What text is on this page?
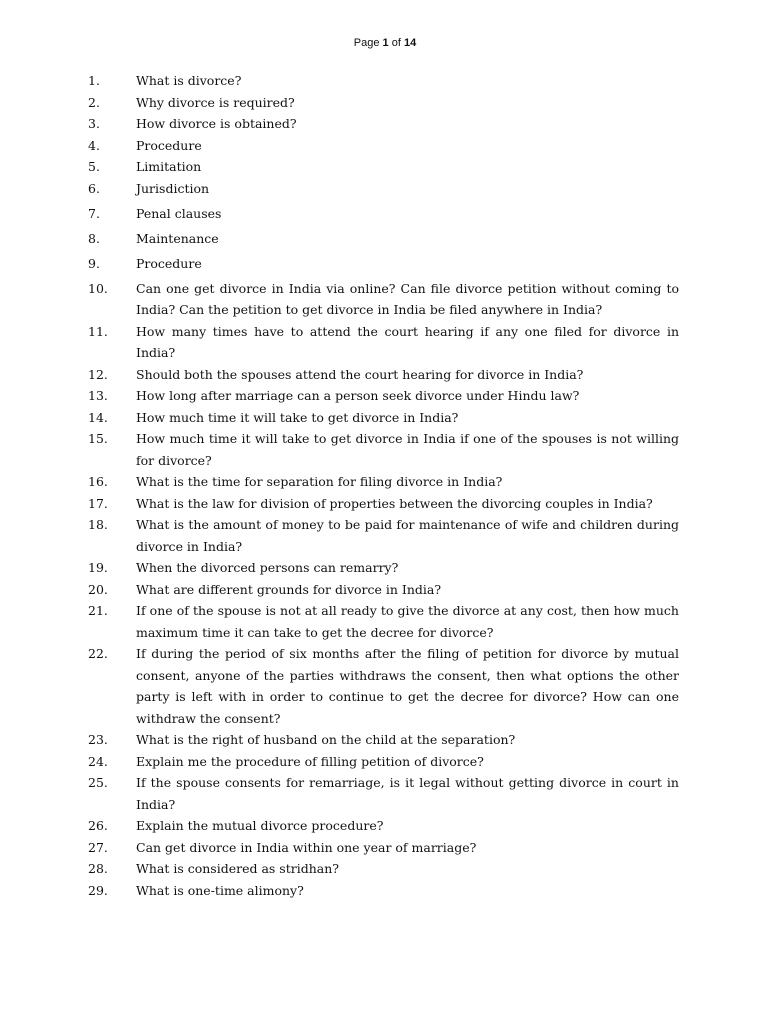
Page 1 of 14
1.	What is divorce?
2.	Why divorce is required?
3.	How divorce is obtained?
4.	Procedure
5.	Limitation
6.	Jurisdiction
7.	Penal clauses
8.	Maintenance
9.	Procedure
10.	Can one get divorce in India via online? Can file divorce petition without coming to India? Can the petition to get divorce in India be filed anywhere in India?
11.	How many times have to attend the court hearing if any one filed for divorce in India?
12.	Should both the spouses attend the court hearing for divorce in India?
13.	How long after marriage can a person seek divorce under Hindu law?
14.	How much time it will take to get divorce in India?
15.	How much time it will take to get divorce in India if one of the spouses is not willing for divorce?
16.	What is the time for separation for filing divorce in India?
17.	What is the law for division of properties between the divorcing couples in India?
18.	What is the amount of money to be paid for maintenance of wife and children during divorce in India?
19.	When the divorced persons can remarry?
20.	What are different grounds for divorce in India?
21.	If one of the spouse is not at all ready to give the divorce at any cost, then how much maximum time it can take to get the decree for divorce?
22.	If during the period of six months after the filing of petition for divorce by mutual consent, anyone of the parties withdraws the consent, then what options the other party is left with in order to continue to get the decree for divorce? How can one withdraw the consent?
23.	What is the right of husband on the child at the separation?
24.	Explain me the procedure of filling petition of divorce?
25.	If the spouse consents for remarriage, is it legal without getting divorce in court in India?
26.	Explain the mutual divorce procedure?
27.	Can get divorce in India within one year of marriage?
28.	What is considered as stridhan?
29.	What is one-time alimony?
